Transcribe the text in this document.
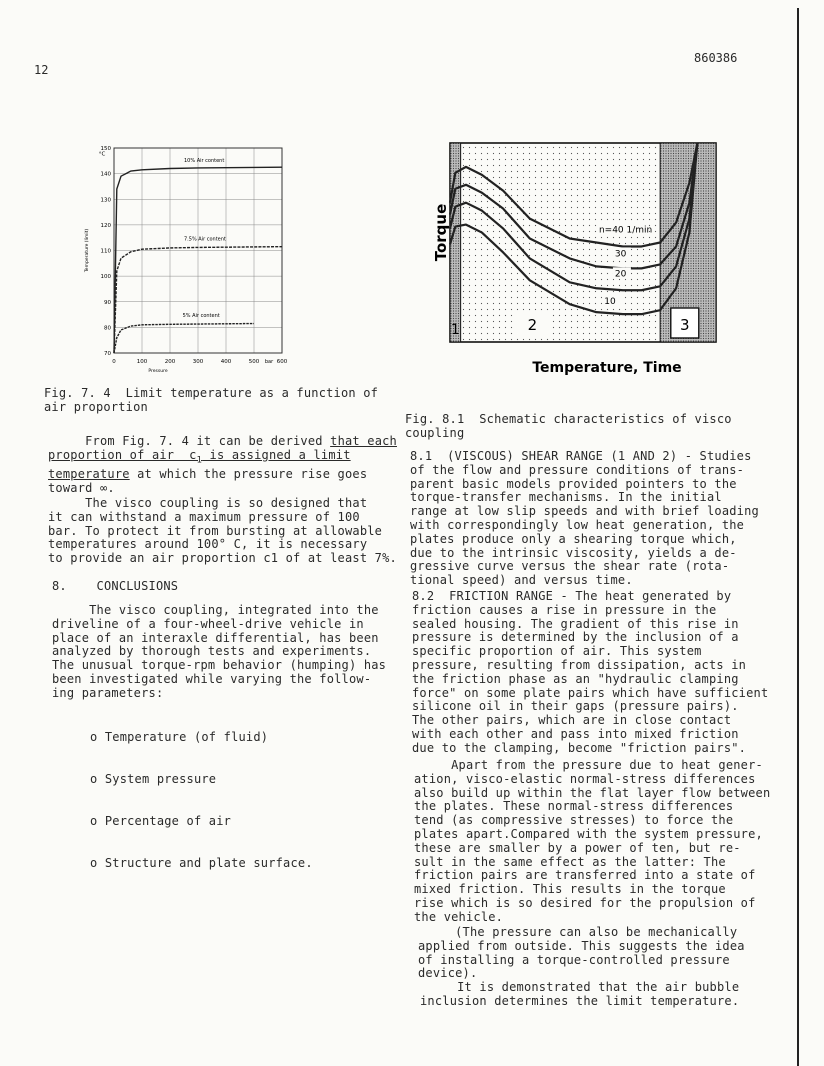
12
860386
0	100	200	300	400	500	600
70
80
90
100
110
120
130
140
150
bar
°C
Pressure
Temperature (limit)
10% Air content
7.5% Air content
5% Air content
Torque
Temperature, Time
1	2	3
n=40 1/min
30
20
10
Fig. 7. 4  Limit temperature as a function of
air proportion
From Fig. 7. 4 it can be derived that each
proportion of air  $c_1$ is assigned a limit
temperature at which the pressure rise goes
toward ∞.
The visco coupling is so designed that
it can withstand a maximum pressure of 100
bar. To protect it from bursting at allowable
temperatures around 100° C, it is necessary
to provide an air proportion c1 of at least 7%.
8.    CONCLUSIONS
The visco coupling, integrated into the
driveline of a four-wheel-drive vehicle in
place of an interaxle differential, has been
analyzed by thorough tests and experiments.
The unusual torque-rpm behavior (humping) has
been investigated while varying the follow-
ing parameters:

o Temperature (of fluid)

o System pressure

o Percentage of air

o Structure and plate surface.

Fig. 8.1  Schematic characteristics of visco
coupling
8.1  (VISCOUS) SHEAR RANGE (1 AND 2) - Studies
of the flow and pressure conditions of trans-
parent basic models provided pointers to the
torque-transfer mechanisms. In the initial
range at low slip speeds and with brief loading
with correspondingly low heat generation, the
plates produce only a shearing torque which,
due to the intrinsic viscosity, yields a de-
gressive curve versus the shear rate (rota-
tional speed) and versus time.
8.2  FRICTION RANGE - The heat generated by
friction causes a rise in pressure in the
sealed housing. The gradient of this rise in
pressure is determined by the inclusion of a
specific proportion of air. This system
pressure, resulting from dissipation, acts in
the friction phase as an "hydraulic clamping
force" on some plate pairs which have sufficient
silicone oil in their gaps (pressure pairs).
The other pairs, which are in close contact
with each other and pass into mixed friction
due to the clamping, become "friction pairs".
Apart from the pressure due to heat gener-
ation, visco-elastic normal-stress differences
also build up within the flat layer flow between
the plates. These normal-stress differences
tend (as compressive stresses) to force the
plates apart.Compared with the system pressure,
these are smaller by a power of ten, but re-
sult in the same effect as the latter: The
friction pairs are transferred into a state of
mixed friction. This results in the torque
rise which is so desired for the propulsion of
the vehicle.
(The pressure can also be mechanically
applied from outside. This suggests the idea
of installing a torque-controlled pressure
device).
It is demonstrated that the air bubble
inclusion determines the limit temperature.
